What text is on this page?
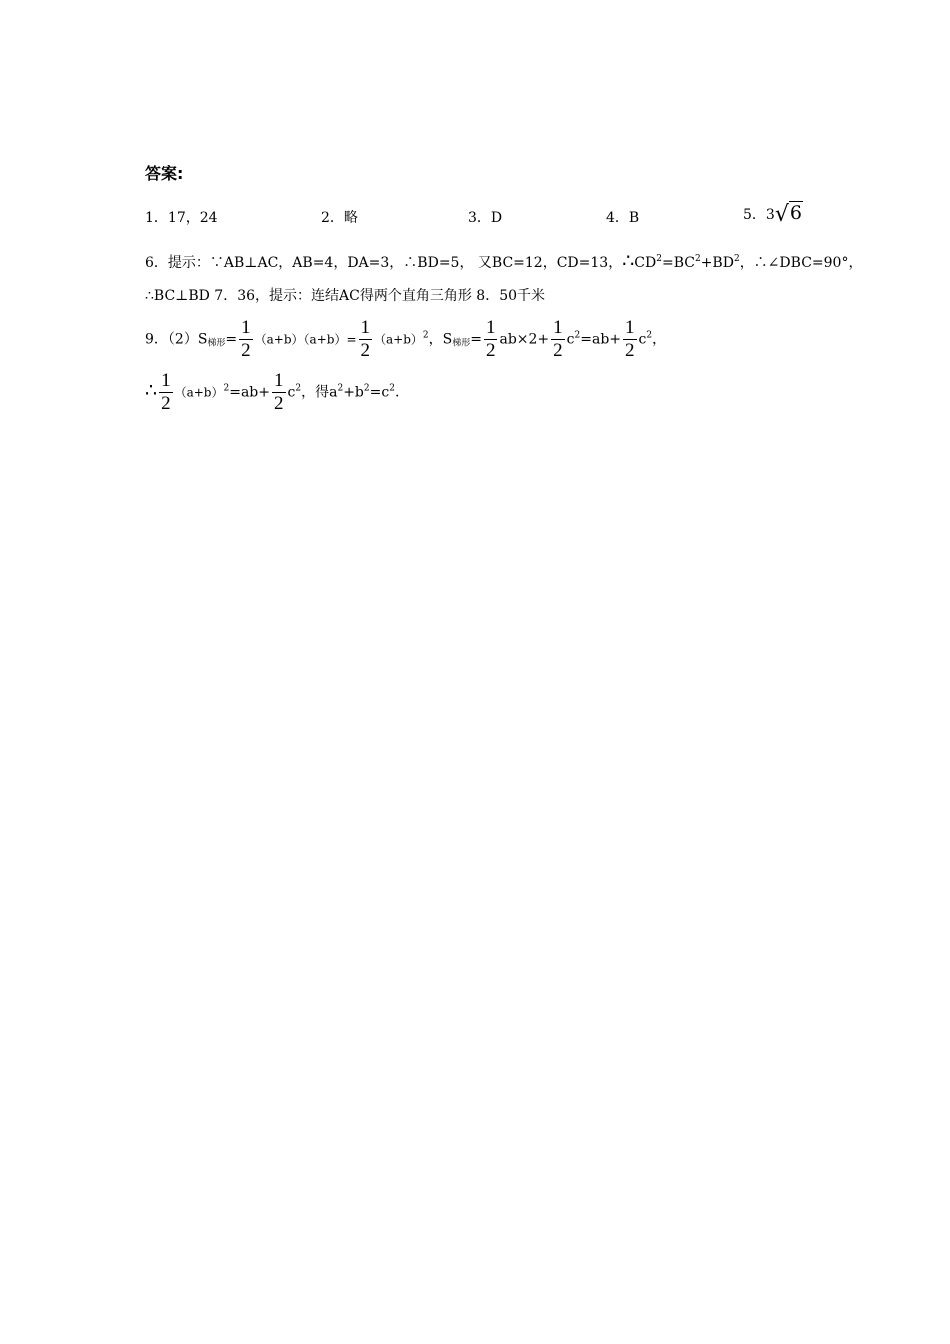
答案:
1．17，24	2．略	3．D	4．B	5．3√6
6．提示：∵AB⊥AC，AB=4，DA=3，∴BD=5， 又BC=12，CD=13，$\therefore CD^2=BC^2+BD^2$，∴∠DBC=90°，
∴BC⊥BD 7．36，提示：连结AC得两个直角三角形 8．50千米
9．$(2)S_{梯形}= \frac{1}{2} (a+b)(a+b)= \frac{1}{2} (a+b)^2$，$S_{梯形}= \frac{1}{2} ab\times 2+ \frac{1}{2} c^2=ab+ \frac{1}{2} c^2$，
∴ $\frac{1}{2} (a+b)^2=ab+ \frac{1}{2} c^2$，得$a^2+b^2=c^2$.
